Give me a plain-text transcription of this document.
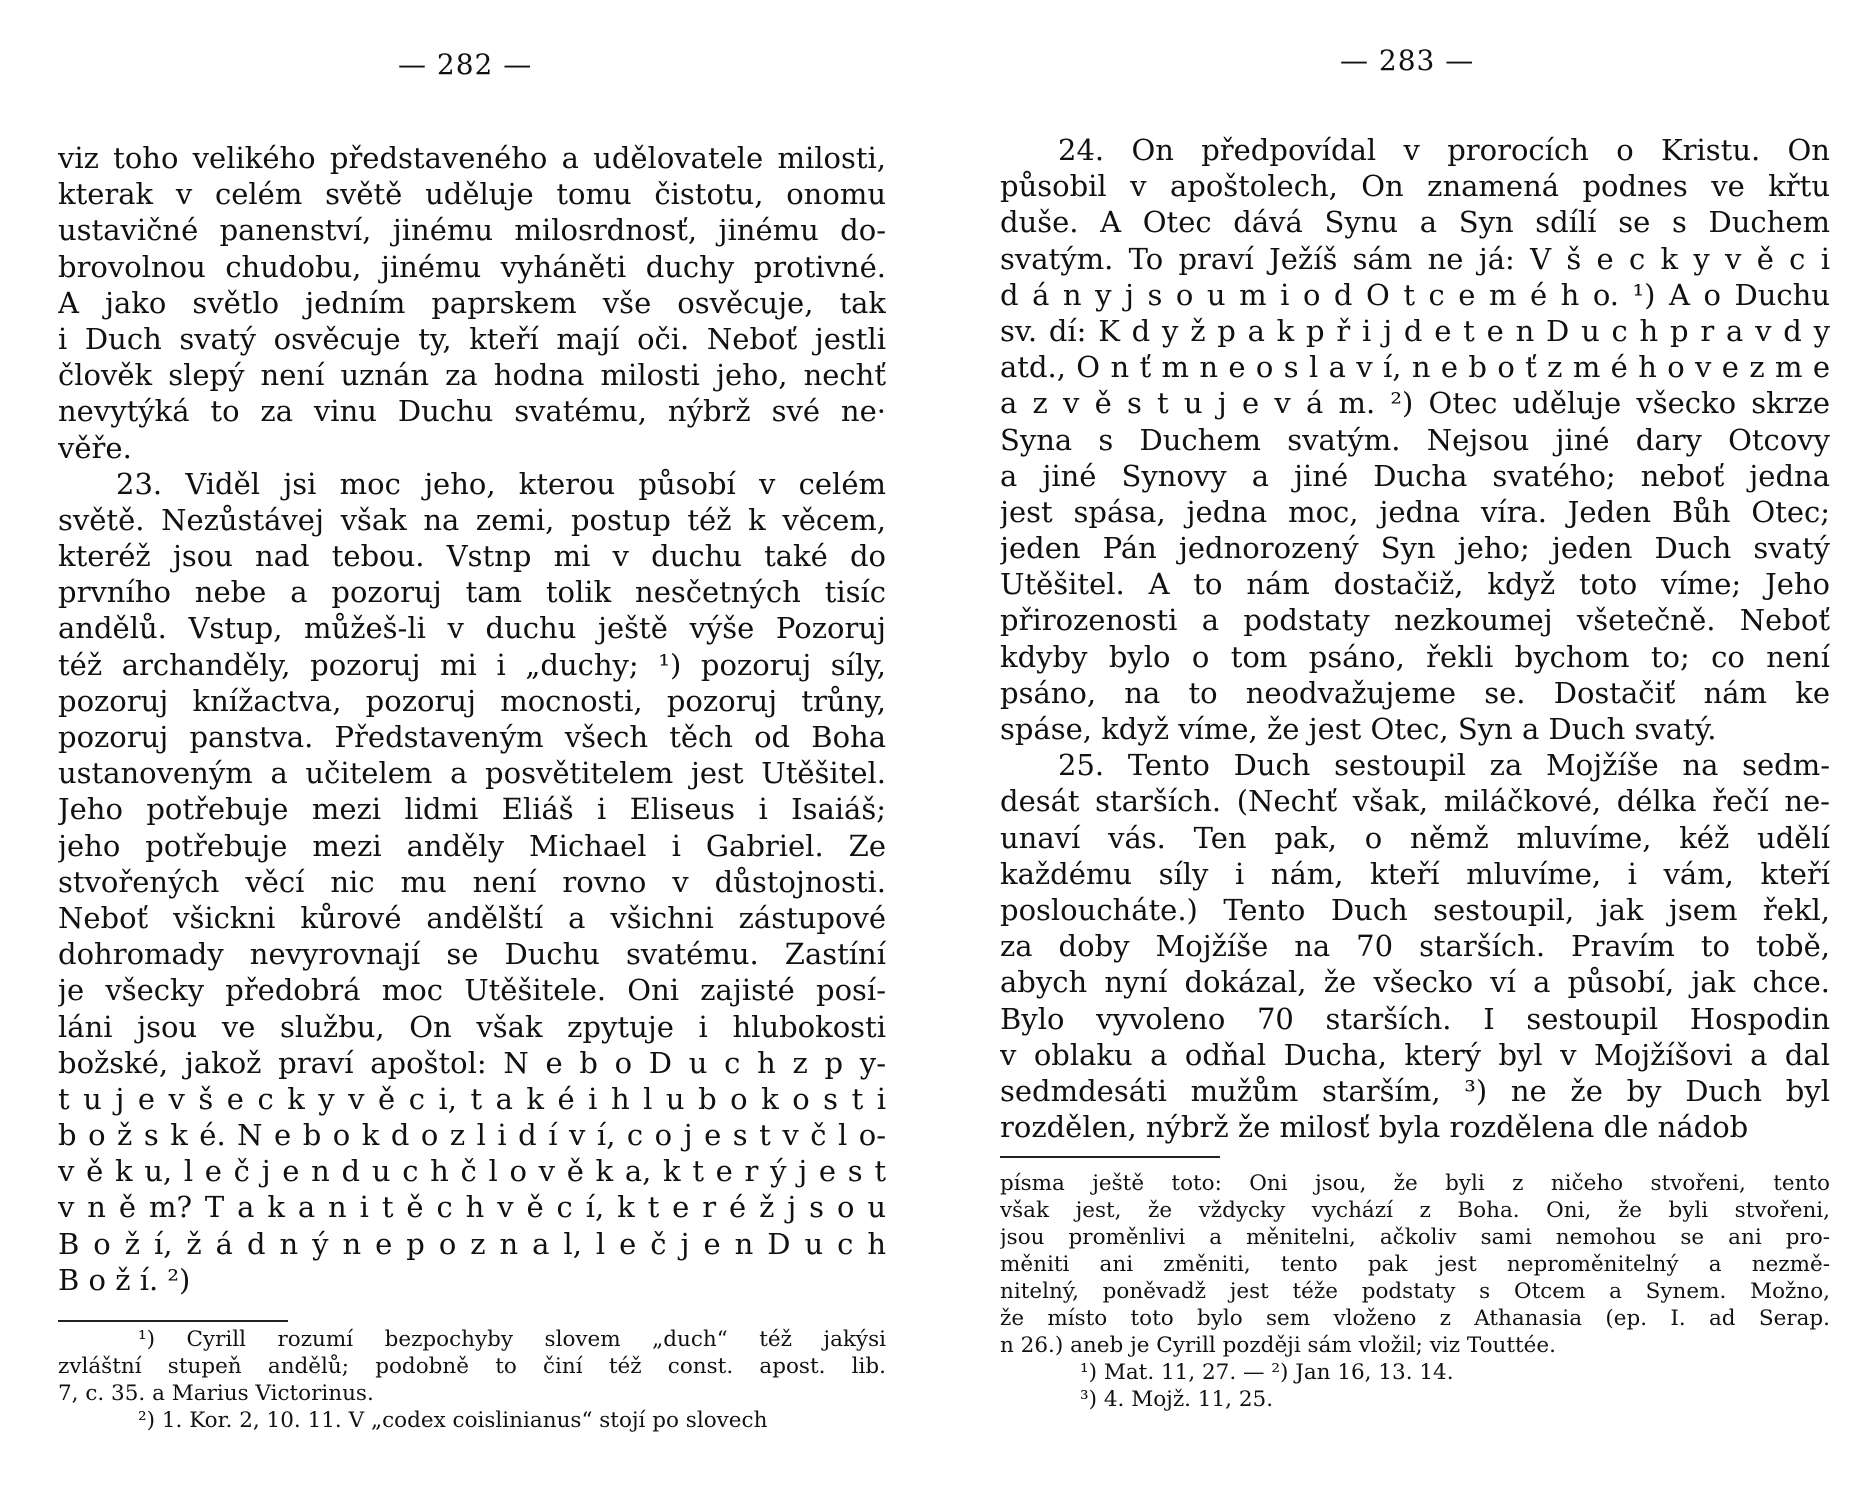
— 282 —
viz toho velikého představeného a udělovatele milosti,
kterak v celém světě uděluje tomu čistotu, onomu
ustavičné panenství, jinému milosrdnosť, jinému do-
brovolnou chudobu, jinému vyháněti duchy protivné.
A jako světlo jedním paprskem vše osvěcuje, tak
i Duch svatý osvěcuje ty, kteří mají oči. Neboť jestli
člověk slepý není uznán za hodna milosti jeho, nechť
nevytýká to za vinu Duchu svatému, nýbrž své ne·
věře.
23. Viděl jsi moc jeho, kterou působí v celém
světě. Nezůstávej však na zemi, postup též k věcem,
kteréž jsou nad tebou. Vstnp mi v duchu také do
prvního nebe a pozoruj tam tolik nesčetných tisíc
andělů. Vstup, můžeš-li v duchu ještě výše Pozoruj
též archanděly, pozoruj mi i „duchy; ¹) pozoruj síly,
pozoruj knížactva, pozoruj mocnosti, pozoruj trůny,
pozoruj panstva. Představeným všech těch od Boha
ustanoveným a učitelem a posvětitelem jest Utěšitel.
Jeho potřebuje mezi lidmi Eliáš i Eliseus i Isaiáš;
jeho potřebuje mezi anděly Michael i Gabriel. Ze
stvořených věcí nic mu není rovno v důstojnosti.
Neboť všickni kůrové andělští a všichni zástupové
dohromady nevyrovnají se Duchu svatému. Zastíní
je všecky předobrá moc Utěšitele. Oni zajisté posí-
láni jsou ve službu, On však zpytuje i hlubokosti
božské, jakož praví apoštol: N e b o D u c h z p y-
t u j e v š e c k y v ě c i, t a k é i h l u b o k o s t i
b o ž s k é. N e b o k d o z l i d í v í, c o j e s t v č l o-
v ě k u, l e č j e n d u c h č l o v ě k a, k t e r ý j e s t
v n ě m? T a k a n i t ě c h v ě c í, k t e r é ž j s o u
B o ž í, ž á d n ý n e p o z n a l, l e č j e n D u c h
B o ž í. ²)
¹) Cyrill rozumí bezpochyby slovem „duch“ též jakýsi
zvláštní stupeň andělů; podobně to činí též const. apost. lib.
7, c. 35. a Marius Victorinus.
²) 1. Kor. 2, 10. 11. V „codex coislinianus“ stojí po slovech
— 283 —
24. On předpovídal v prorocích o Kristu. On
působil v apoštolech, On znamená podnes ve křtu
duše. A Otec dává Synu a Syn sdílí se s Duchem
svatým. To praví Ježíš sám ne já: V š e c k y v ě c i
d á n y j s o u m i o d O t c e m é h o. ¹) A o Duchu
sv. dí: K d y ž p a k p ř i j d e t e n D u c h p r a v d y
atd., O n ť m n e o s l a v í, n e b o ť z m é h o v e z m e
a z v ě s t u j e v á m. ²) Otec uděluje všecko skrze
Syna s Duchem svatým. Nejsou jiné dary Otcovy
a jiné Synovy a jiné Ducha svatého; neboť jedna
jest spása, jedna moc, jedna víra. Jeden Bůh Otec;
jeden Pán jednorozený Syn jeho; jeden Duch svatý
Utěšitel. A to nám dostačiž, když toto víme; Jeho
přirozenosti a podstaty nezkoumej všetečně. Neboť
kdyby bylo o tom psáno, řekli bychom to; co není
psáno, na to neodvažujeme se. Dostačiť nám ke
spáse, když víme, že jest Otec, Syn a Duch svatý.
25. Tento Duch sestoupil za Mojžíše na sedm-
desát starších. (Nechť však, miláčkové, délka řečí ne-
unaví vás. Ten pak, o němž mluvíme, kéž udělí
každému síly i nám, kteří mluvíme, i vám, kteří
posloucháte.) Tento Duch sestoupil, jak jsem řekl,
za doby Mojžíše na 70 starších. Pravím to tobě,
abych nyní dokázal, že všecko ví a působí, jak chce.
Bylo vyvoleno 70 starších. I sestoupil Hospodin
v oblaku a odňal Ducha, který byl v Mojžíšovi a dal
sedmdesáti mužům starším, ³) ne že by Duch byl
rozdělen, nýbrž že milosť byla rozdělena dle nádob
písma ještě toto: Oni jsou, že byli z ničeho stvořeni, tento
však jest, že vždycky vychází z Boha. Oni, že byli stvořeni,
jsou proměnlivi a měnitelni, ačkoliv sami nemohou se ani pro-
měniti ani změniti, tento pak jest neproměnitelný a nezmě-
nitelný, poněvadž jest téže podstaty s Otcem a Synem. Možno,
že místo toto bylo sem vloženo z Athanasia (ep. I. ad Serap.
n 26.) aneb je Cyrill později sám vložil; viz Touttée.
¹) Mat. 11, 27. — ²) Jan 16, 13. 14.
³) 4. Mojž. 11, 25.
